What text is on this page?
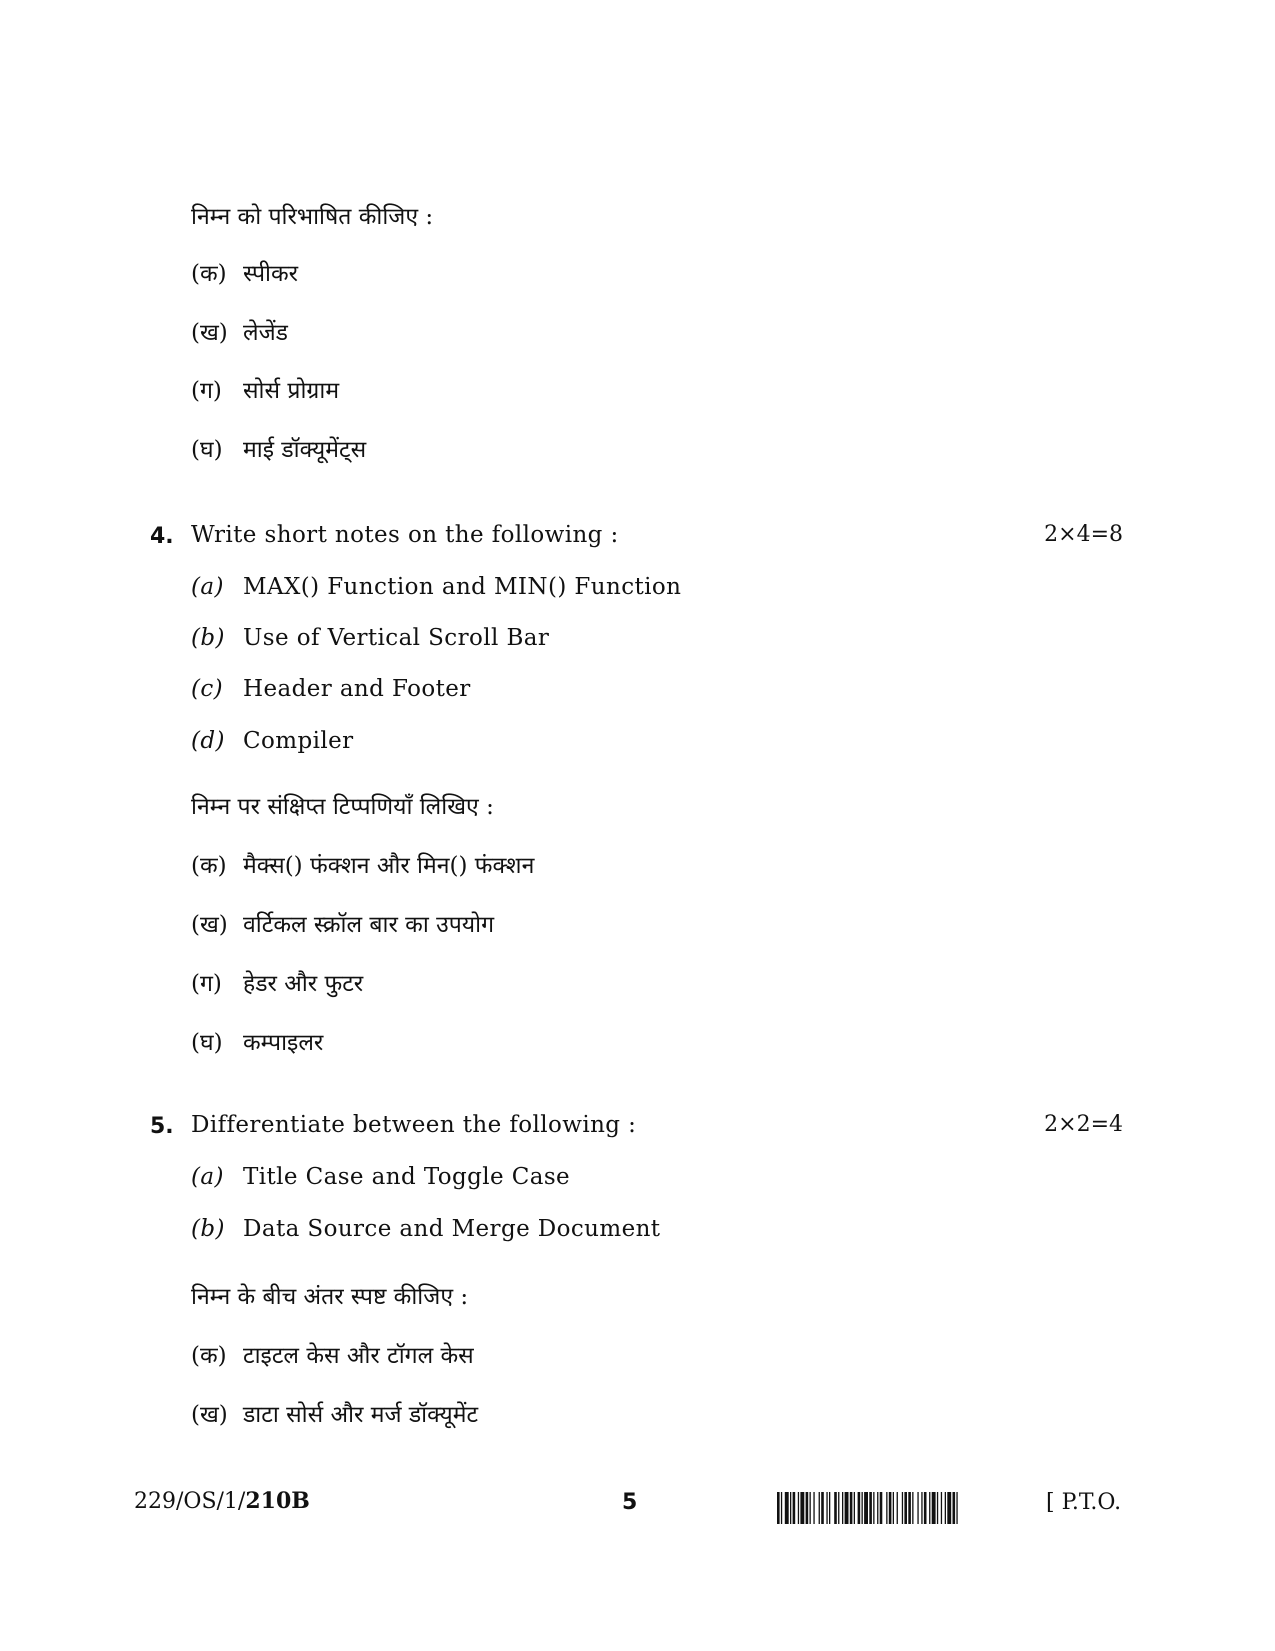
निम्न को परिभाषित कीजिए :
(क) स्पीकर
(ख) लेजेंड
(ग) सोर्स प्रोग्राम
(घ) माई डॉक्यूमेंट्स
4. Write short notes on the following :	2×4=8
(a) MAX() Function and MIN() Function
(b) Use of Vertical Scroll Bar
(c) Header and Footer
(d) Compiler
निम्न पर संक्षिप्त टिप्पणियाँ लिखिए :
(क) मैक्स() फंक्शन और मिन() फंक्शन
(ख) वर्टिकल स्क्रॉल बार का उपयोग
(ग) हेडर और फुटर
(घ) कम्पाइलर
5. Differentiate between the following :	2×2=4
(a) Title Case and Toggle Case
(b) Data Source and Merge Document
निम्न के बीच अंतर स्पष्ट कीजिए :
(क) टाइटल केस और टॉगल केस
(ख) डाटा सोर्स और मर्ज डॉक्यूमेंट
229/OS/1/210B	5	[ P.T.O.
